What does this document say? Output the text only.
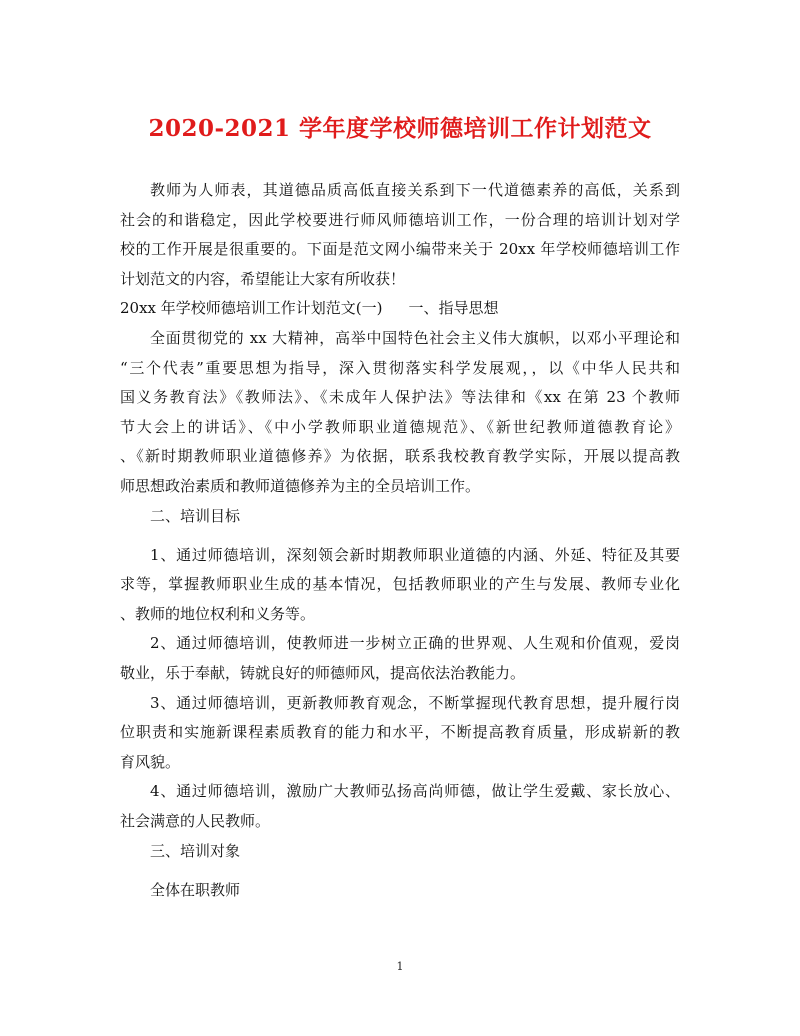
2020-2021 学年度学校师德培训工作计划范文
教师为人师表，其道德品质高低直接关系到下一代道德素养的高低，关系到
社会的和谐稳定，因此学校要进行师风师德培训工作，一份合理的培训计划对学
校的工作开展是很重要的。下面是范文网小编带来关于 20xx 年学校师德培训工作
计划范文的内容，希望能让大家有所收获！
20xx 年学校师德培训工作计划范文(一) 一、指导思想
全面贯彻党的 xx 大精神，高举中国特色社会主义伟大旗帜，以邓小平理论和
“三个代表”重要思想为指导，深入贯彻落实科学发展观，，以《中华人民共和
国义务教育法》《教师法》、《未成年人保护法》等法律和《xx 在第 23 个教师
节大会上的讲话》、《中小学教师职业道德规范》、《新世纪教师道德教育论》
、《新时期教师职业道德修养》为依据，联系我校教育教学实际，开展以提高教
师思想政治素质和教师道德修养为主的全员培训工作。
二、培训目标
1、通过师德培训，深刻领会新时期教师职业道德的内涵、外延、特征及其要
求等，掌握教师职业生成的基本情况，包括教师职业的产生与发展、教师专业化
、教师的地位权利和义务等。
2、通过师德培训，使教师进一步树立正确的世界观、人生观和价值观，爱岗
敬业，乐于奉献，铸就良好的师德师风，提高依法治教能力。
3、通过师德培训，更新教师教育观念，不断掌握现代教育思想，提升履行岗
位职责和实施新课程素质教育的能力和水平，不断提高教育质量，形成崭新的教
育风貌。
4、通过师德培训，激励广大教师弘扬高尚师德，做让学生爱戴、家长放心、
社会满意的人民教师。
三、培训对象
全体在职教师
1
